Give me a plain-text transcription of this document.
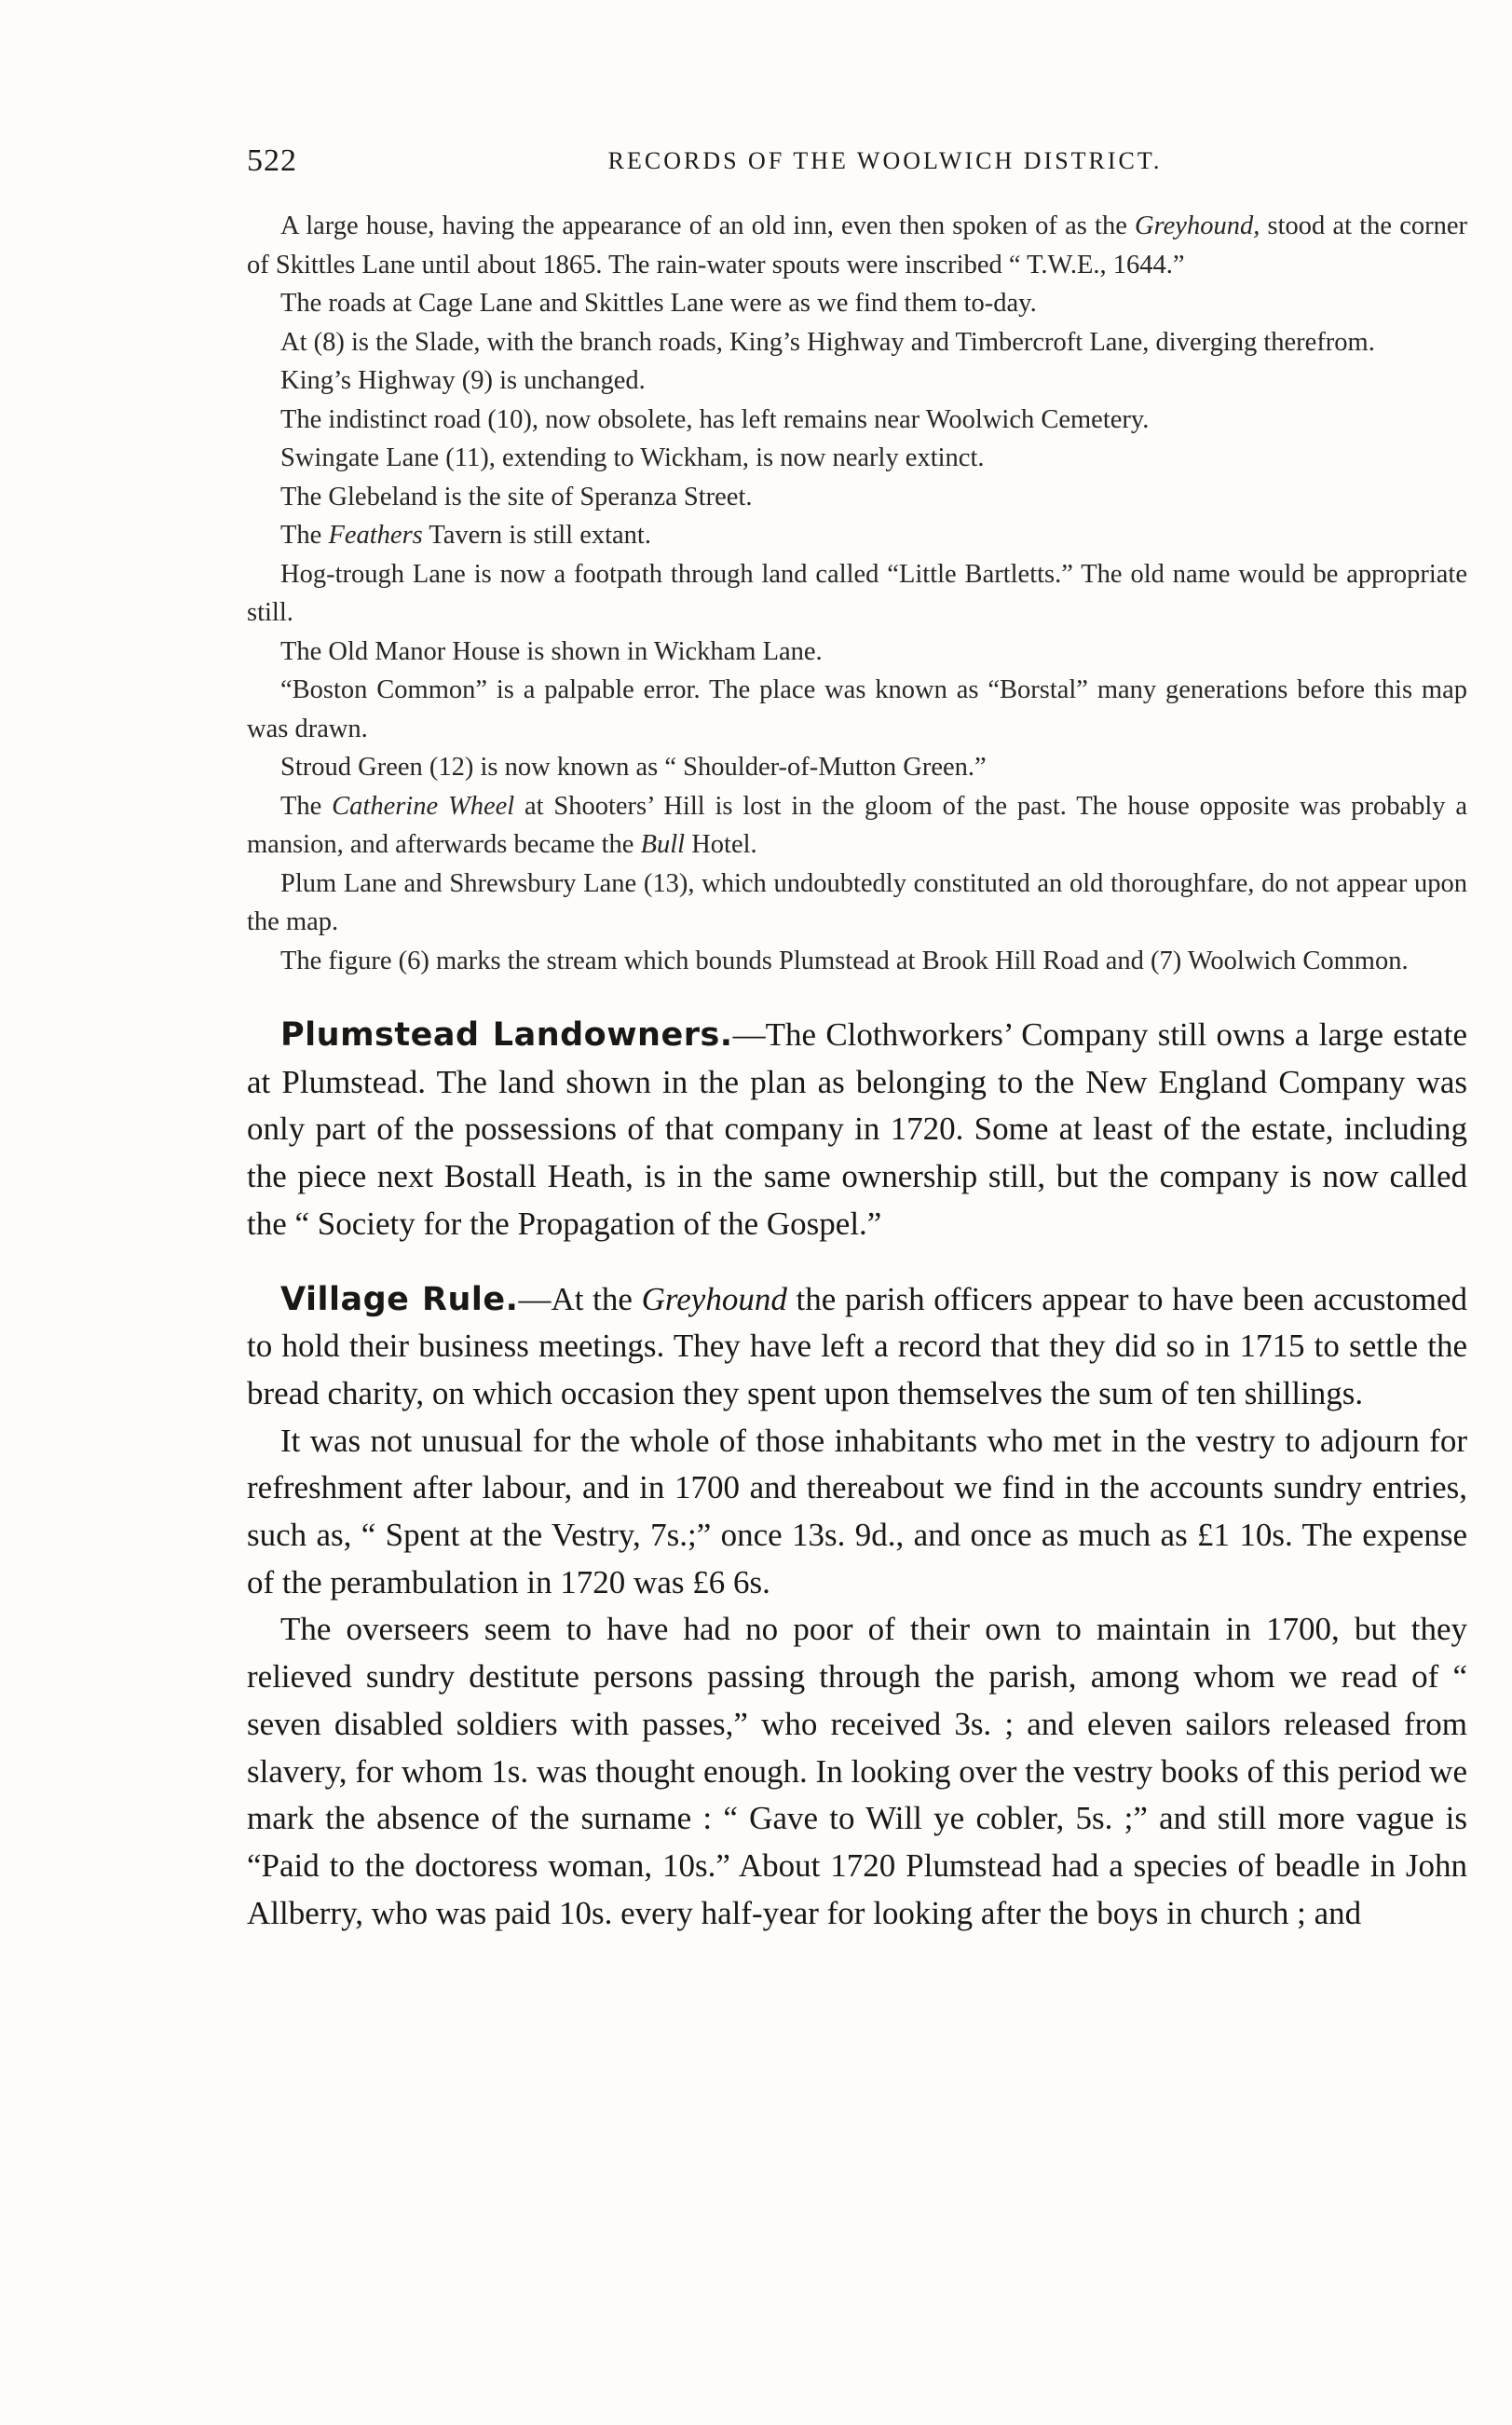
522	RECORDS OF THE WOOLWICH DISTRICT.

A large house, having the appearance of an old inn, even then spoken of as the Greyhound, stood at the corner of Skittles Lane until about 1865. The rain-water spouts were inscribed “ T.W.E., 1644.”

The roads at Cage Lane and Skittles Lane were as we find them to-day.

At (8) is the Slade, with the branch roads, King’s Highway and Timbercroft Lane, diverging therefrom.

King’s Highway (9) is unchanged.

The indistinct road (10), now obsolete, has left remains near Woolwich Cemetery.

Swingate Lane (11), extending to Wickham, is now nearly extinct.

The Glebeland is the site of Speranza Street.

The Feathers Tavern is still extant.

Hog-trough Lane is now a footpath through land called “Little Bartletts.” The old name would be appropriate still.

The Old Manor House is shown in Wickham Lane.

“Boston Common” is a palpable error. The place was known as “Borstal” many generations before this map was drawn.

Stroud Green (12) is now known as “ Shoulder-of-Mutton Green.”

The Catherine Wheel at Shooters’ Hill is lost in the gloom of the past. The house opposite was probably a mansion, and afterwards became the Bull Hotel.

Plum Lane and Shrewsbury Lane (13), which undoubtedly constituted an old thoroughfare, do not appear upon the map.

The figure (6) marks the stream which bounds Plumstead at Brook Hill Road and (7) Woolwich Common.

Plumstead Landowners.—The Clothworkers’ Company still owns a large estate at Plumstead. The land shown in the plan as belonging to the New England Company was only part of the possessions of that company in 1720. Some at least of the estate, including the piece next Bostall Heath, is in the same ownership still, but the company is now called the “ Society for the Propagation of the Gospel.”

Village Rule.—At the Greyhound the parish officers appear to have been accustomed to hold their business meetings. They have left a record that they did so in 1715 to settle the bread charity, on which occasion they spent upon themselves the sum of ten shillings.

It was not unusual for the whole of those inhabitants who met in the vestry to adjourn for refreshment after labour, and in 1700 and thereabout we find in the accounts sundry entries, such as, “ Spent at the Vestry, 7s.;” once 13s. 9d., and once as much as £1 10s. The expense of the perambulation in 1720 was £6 6s.

The overseers seem to have had no poor of their own to maintain in 1700, but they relieved sundry destitute persons passing through the parish, among whom we read of “ seven disabled soldiers with passes,” who received 3s. ; and eleven sailors released from slavery, for whom 1s. was thought enough. In looking over the vestry books of this period we mark the absence of the surname : “ Gave to Will ye cobler, 5s. ;” and still more vague is “Paid to the doctoress woman, 10s.” About 1720 Plumstead had a species of beadle in John Allberry, who was paid 10s. every half-year for looking after the boys in church ; and
